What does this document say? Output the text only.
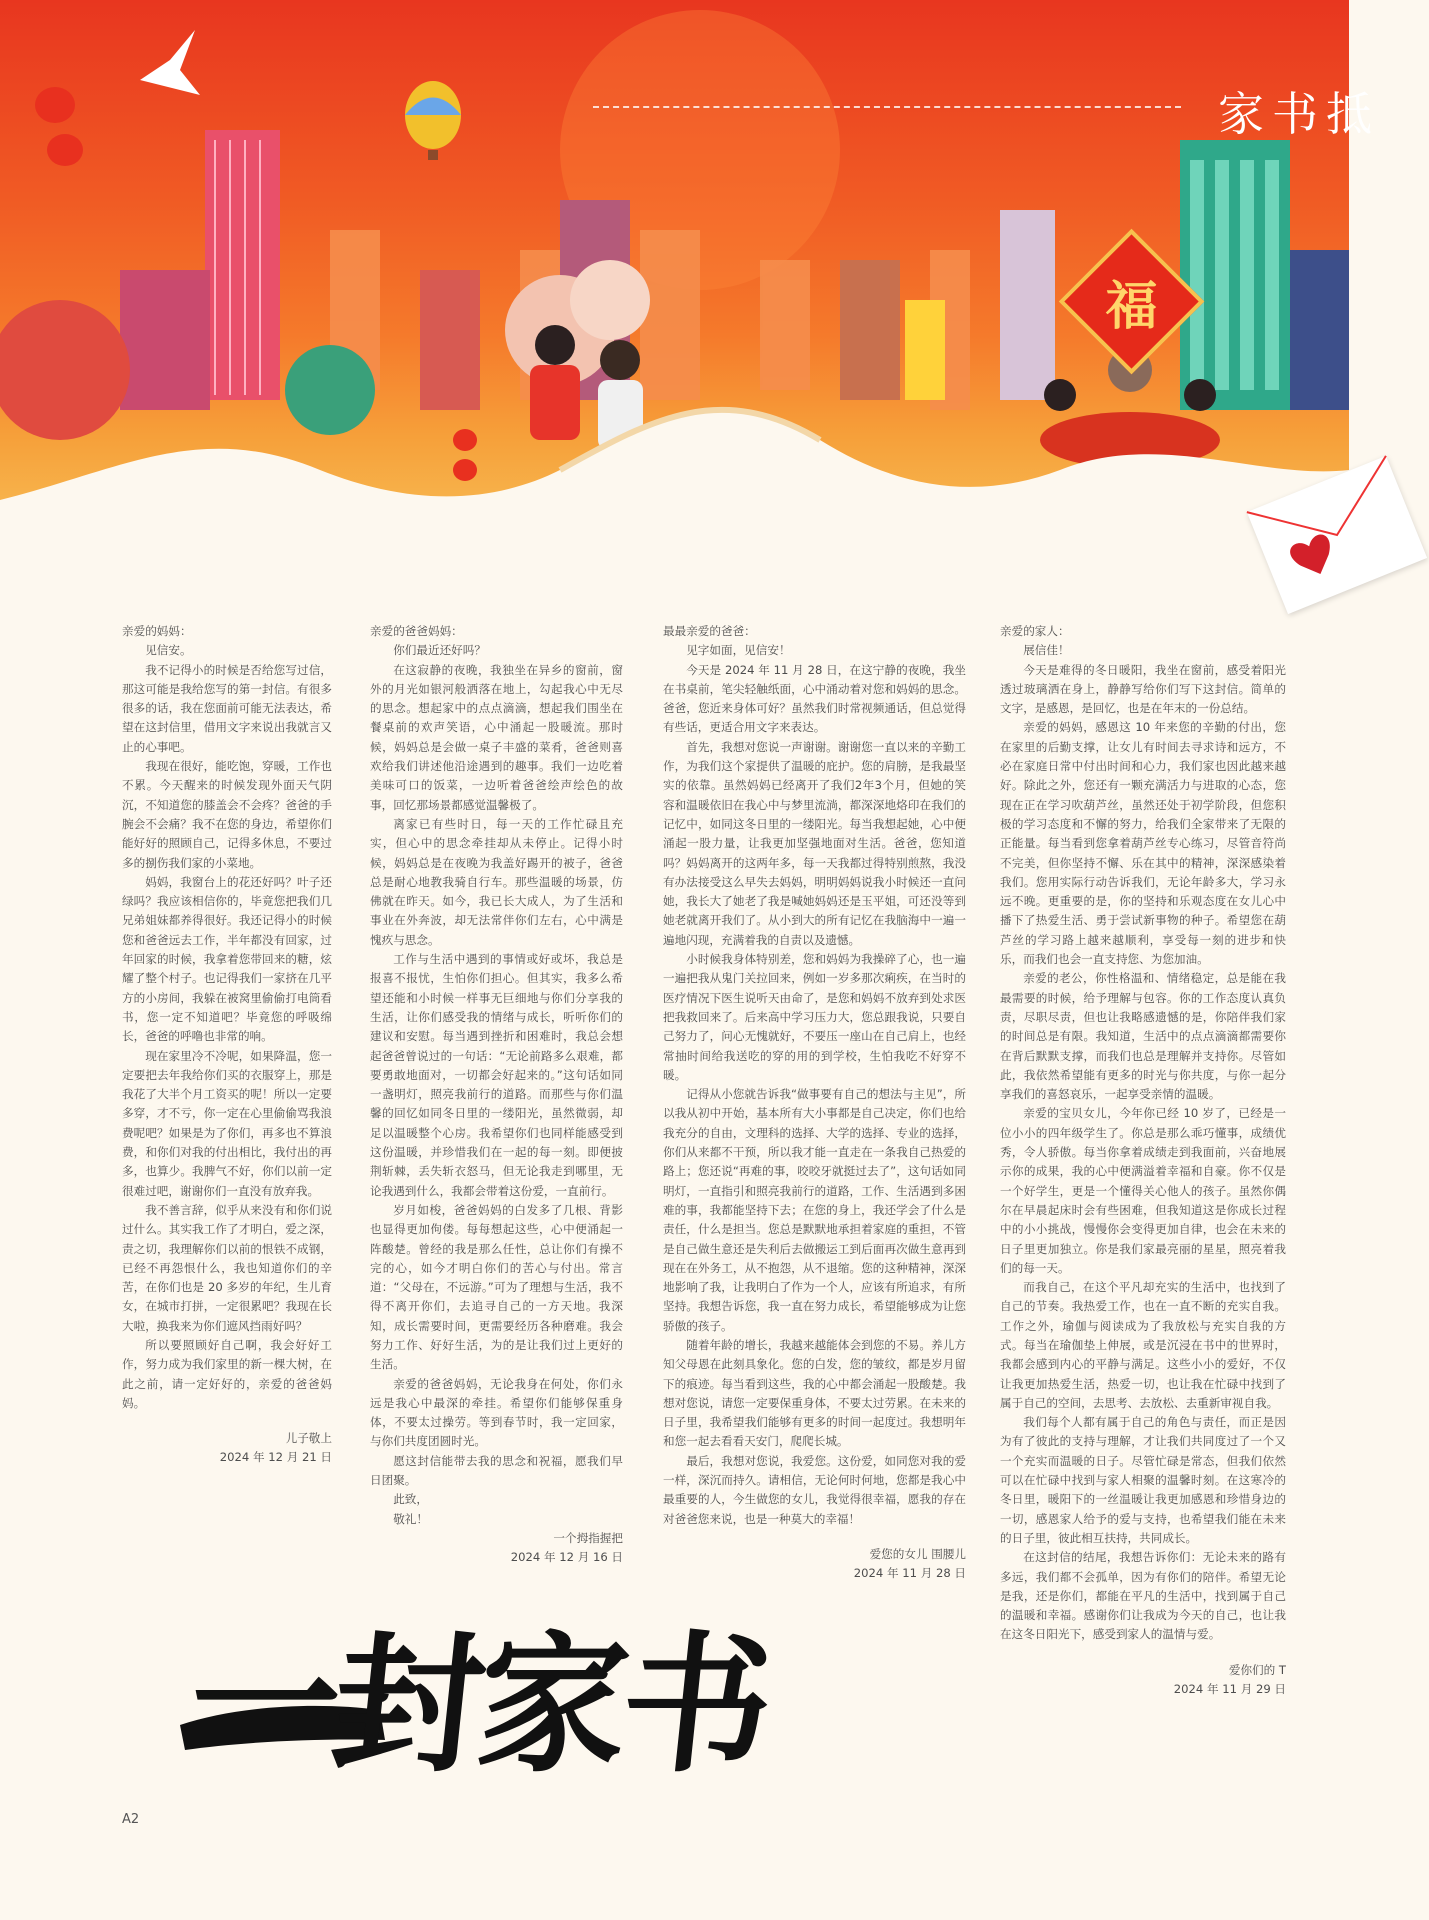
家书抵
福

亲爱的妈妈：

见信安。

我不记得小的时候是否给您写过信，那这可能是我给您写的第一封信。有很多很多的话，我在您面前可能无法表达，希望在这封信里，借用文字来说出我就言又止的心事吧。

我现在很好，能吃饱，穿暖，工作也不累。今天醒来的时候发现外面天气阴沉，不知道您的膝盖会不会疼？爸爸的手腕会不会痛？我不在您的身边，希望你们能好好的照顾自己，记得多休息，不要过多的捌伤我们家的小菜地。

妈妈，我窗台上的花还好吗？叶子还绿吗？我应该相信你的，毕竟您把我们几兄弟姐妹都养得很好。我还记得小的时候您和爸爸远去工作，半年都没有回家，过年回家的时候，我拿着您带回来的糖，炫耀了整个村子。也记得我们一家挤在几平方的小房间，我躲在被窝里偷偷打电筒看书，您一定不知道吧？毕竟您的呼吸绵长，爸爸的呼噜也非常的响。

现在家里冷不冷呢，如果降温，您一定要把去年我给你们买的衣服穿上，那是我花了大半个月工资买的呢！所以一定要多穿，才不亏，你一定在心里偷偷骂我浪费呢吧？如果是为了你们，再多也不算浪费，和你们对我的付出相比，我付出的再多，也算少。我脾气不好，你们以前一定很难过吧，谢谢你们一直没有放弃我。

我不善言辞，似乎从来没有和你们说过什么。其实我工作了才明白，爱之深，责之切，我理解你们以前的恨铁不成钢，已经不再怨恨什么，我也知道你们的辛苦，在你们也是 20 多岁的年纪，生儿育女，在城市打拼，一定很累吧？我现在长大啦，换我来为你们遮风挡雨好吗？

所以要照顾好自己啊，我会好好工作，努力成为我们家里的新一棵大树，在此之前，请一定好好的，亲爱的爸爸妈妈。

儿子敬上

2024 年 12 月 21 日

亲爱的爸爸妈妈：

你们最近还好吗？

在这寂静的夜晚，我独坐在异乡的窗前，窗外的月光如银河般洒落在地上，勾起我心中无尽的思念。想起家中的点点滴滴，想起我们围坐在餐桌前的欢声笑语，心中涌起一股暖流。那时候，妈妈总是会做一桌子丰盛的菜肴，爸爸则喜欢给我们讲述他沿途遇到的趣事。我们一边吃着美味可口的饭菜，一边听着爸爸绘声绘色的故事，回忆那场景都感觉温馨极了。

离家已有些时日，每一天的工作忙碌且充实，但心中的思念牵挂却从未停止。记得小时候，妈妈总是在夜晚为我盖好踢开的被子，爸爸总是耐心地教我骑自行车。那些温暖的场景，仿佛就在昨天。如今，我已长大成人，为了生活和事业在外奔波，却无法常伴你们左右，心中满是愧疚与思念。

工作与生活中遇到的事情或好或坏，我总是报喜不报忧，生怕你们担心。但其实，我多么希望还能和小时候一样事无巨细地与你们分享我的生活，让你们感受我的情绪与成长，听听你们的建议和安慰。每当遇到挫折和困难时，我总会想起爸爸曾说过的一句话：“无论前路多么艰难，都要勇敢地面对，一切都会好起来的。”这句话如同一盏明灯，照亮我前行的道路。而那些与你们温馨的回忆如同冬日里的一缕阳光，虽然微弱，却足以温暖整个心房。我希望你们也同样能感受到这份温暖，并珍惜我们在一起的每一刻。即便披荆斩棘，丢失斩衣怒马，但无论我走到哪里，无论我遇到什么，我都会带着这份爱，一直前行。

岁月如梭，爸爸妈妈的白发多了几根、背影也显得更加佝偻。每每想起这些，心中便涌起一阵酸楚。曾经的我是那么任性，总让你们有操不完的心，如今才明白你们的苦心与付出。常言道：“父母在，不远游。”可为了理想与生活，我不得不离开你们，去追寻自己的一方天地。我深知，成长需要时间，更需要经历各种磨难。我会努力工作、好好生活，为的是让我们过上更好的生活。

亲爱的爸爸妈妈，无论我身在何处，你们永远是我心中最深的牵挂。希望你们能够保重身体，不要太过操劳。等到春节时，我一定回家，与你们共度团圆时光。

愿这封信能带去我的思念和祝福，愿我们早日团聚。

此致，

敬礼！

一个拇指握把

2024 年 12 月 16 日

最最亲爱的爸爸：

见字如面，见信安！

今天是 2024 年 11 月 28 日，在这宁静的夜晚，我坐在书桌前，笔尖轻触纸面，心中涌动着对您和妈妈的思念。爸爸，您近来身体可好？虽然我们时常视频通话，但总觉得有些话，更适合用文字来表达。

首先，我想对您说一声谢谢。谢谢您一直以来的辛勤工作，为我们这个家提供了温暖的庇护。您的肩膀，是我最坚实的依靠。虽然妈妈已经离开了我们2年3个月，但她的笑容和温暖依旧在我心中与梦里流淌，都深深地烙印在我们的记忆中，如同这冬日里的一缕阳光。每当我想起她，心中便涌起一股力量，让我更加坚强地面对生活。爸爸，您知道吗？妈妈离开的这两年多，每一天我都过得特别煎熬，我没有办法接受这么早失去妈妈，明明妈妈说我小时候还一直问她，我长大了她老了我是喊她妈妈还是玉平姐，可还没等到她老就离开我们了。从小到大的所有记忆在我脑海中一遍一遍地闪现，充满着我的自责以及遗憾。

小时候我身体特别差，您和妈妈为我操碎了心，也一遍一遍把我从鬼门关拉回来，例如一岁多那次痢疾，在当时的医疗情况下医生说听天由命了，是您和妈妈不放弃到处求医把我救回来了。后来高中学习压力大，您总跟我说，只要自己努力了，问心无愧就好，不要压一座山在自己肩上，也经常抽时间给我送吃的穿的用的到学校，生怕我吃不好穿不暖。

记得从小您就告诉我“做事要有自己的想法与主见”，所以我从初中开始，基本所有大小事都是自己决定，你们也给我充分的自由，文理科的选择、大学的选择、专业的选择，你们从来都不干预，所以我才能一直走在一条我自己热爱的路上；您还说“再难的事，咬咬牙就挺过去了”，这句话如同明灯，一直指引和照亮我前行的道路，工作、生活遇到多困难的事，我都能坚持下去；在您的身上，我还学会了什么是责任，什么是担当。您总是默默地承担着家庭的重担，不管是自己做生意还是失利后去做搬运工到后面再次做生意再到现在在外务工，从不抱怨，从不退缩。您的这种精神，深深地影响了我，让我明白了作为一个人，应该有所追求，有所坚持。我想告诉您，我一直在努力成长，希望能够成为让您骄傲的孩子。

随着年龄的增长，我越来越能体会到您的不易。养儿方知父母恩在此刻具象化。您的白发，您的皱纹，都是岁月留下的痕迹。每当看到这些，我的心中都会涌起一股酸楚。我想对您说，请您一定要保重身体，不要太过劳累。在未来的日子里，我希望我们能够有更多的时间一起度过。我想明年和您一起去看看天安门，爬爬长城。

最后，我想对您说，我爱您。这份爱，如同您对我的爱一样，深沉而持久。请相信，无论何时何地，您都是我心中最重要的人，今生做您的女儿，我觉得很幸福，愿我的存在对爸爸您来说，也是一种莫大的幸福！

爱您的女儿 围腰儿

2024 年 11 月 28 日

亲爱的家人：

展信佳！

今天是难得的冬日暖阳，我坐在窗前，感受着阳光透过玻璃洒在身上，静静写给你们写下这封信。简单的文字，是感恩，是回忆，也是在年末的一份总结。

亲爱的妈妈，感恩这 10 年来您的辛勤的付出，您在家里的后勤支撑，让女儿有时间去寻求诗和远方，不必在家庭日常中付出时间和心力，我们家也因此越来越好。除此之外，您还有一颗充满活力与进取的心态，您现在正在学习吹葫芦丝，虽然还处于初学阶段，但您积极的学习态度和不懈的努力，给我们全家带来了无限的正能量。每当看到您拿着葫芦丝专心练习，尽管音符尚不完美，但你坚持不懈、乐在其中的精神，深深感染着我们。您用实际行动告诉我们，无论年龄多大，学习永远不晚。更重要的是，你的坚持和乐观态度在女儿心中播下了热爱生活、勇于尝试新事物的种子。希望您在葫芦丝的学习路上越来越顺利，享受每一刻的进步和快乐，而我们也会一直支持您、为您加油。

亲爱的老公，你性格温和、情绪稳定，总是能在我最需要的时候，给予理解与包容。你的工作态度认真负责，尽职尽责，但也让我略感遗憾的是，你陪伴我们家的时间总是有限。我知道，生活中的点点滴滴都需要你在背后默默支撑，而我们也总是理解并支持你。尽管如此，我依然希望能有更多的时光与你共度，与你一起分享我们的喜怒哀乐，一起享受亲情的温暖。

亲爱的宝贝女儿，今年你已经 10 岁了，已经是一位小小的四年级学生了。你总是那么乖巧懂事，成绩优秀，令人骄傲。每当你拿着成绩走到我面前，兴奋地展示你的成果，我的心中便满溢着幸福和自豪。你不仅是一个好学生，更是一个懂得关心他人的孩子。虽然你偶尔在早晨起床时会有些困难，但我知道这是你成长过程中的小小挑战，慢慢你会变得更加自律，也会在未来的日子里更加独立。你是我们家最亮丽的星星，照亮着我们的每一天。

而我自己，在这个平凡却充实的生活中，也找到了自己的节奏。我热爱工作，也在一直不断的充实自我。工作之外，瑜伽与阅读成为了我放松与充实自我的方式。每当在瑜伽垫上伸展，或是沉浸在书中的世界时，我都会感到内心的平静与满足。这些小小的爱好，不仅让我更加热爱生活，热爱一切，也让我在忙碌中找到了属于自己的空间，去思考、去放松、去重新审视自我。

我们每个人都有属于自己的角色与责任，而正是因为有了彼此的支持与理解，才让我们共同度过了一个又一个充实而温暖的日子。尽管忙碌是常态，但我们依然可以在忙碌中找到与家人相聚的温馨时刻。在这寒冷的冬日里，暖阳下的一丝温暖让我更加感恩和珍惜身边的一切，感恩家人给予的爱与支持，也希望我们能在未来的日子里，彼此相互扶持，共同成长。

在这封信的结尾，我想告诉你们：无论未来的路有多远，我们都不会孤单，因为有你们的陪伴。希望无论是我，还是你们，都能在平凡的生活中，找到属于自己的温暖和幸福。感谢你们让我成为今天的自己，也让我在这冬日阳光下，感受到家人的温情与爱。

爱你们的 T

2024 年 11 月 29 日

一封家书
A2
